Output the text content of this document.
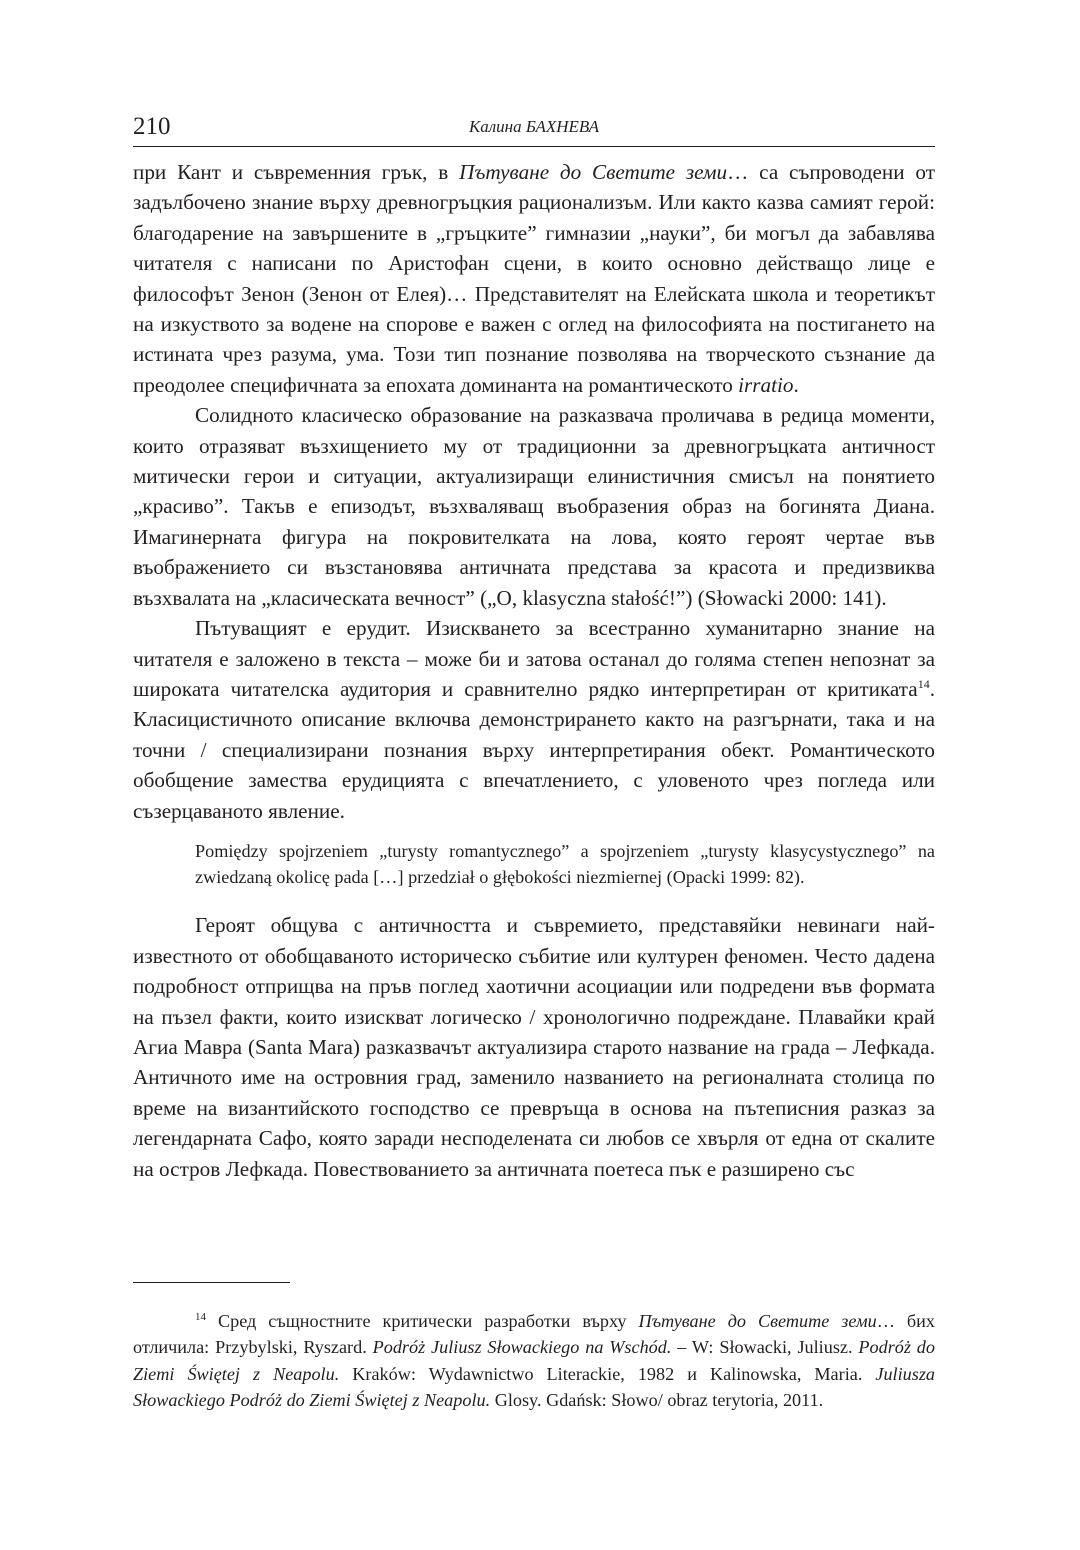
210	Калина БАХНЕВА

при Кант и съвременния грък, в Пътуване до Светите земи… са съпроводени от задълбочено знание върху древногръцкия рационализъм. Или както казва самият герой: благодарение на завършените в „гръцките” гимназии „науки”, би могъл да забавлява читателя с написани по Аристофан сцени, в които основно действащо лице е философът Зенон (Зенон от Елея)… Представителят на Елейската школа и теоретикът на изкуството за водене на спорове е важен с оглед на философията на постигането на истината чрез разума, ума. Този тип познание позволява на творческото съзнание да преодолее специфичната за епохата доминанта на романтическото irratio.

Солидното класическо образование на разказвача проличава в редица моменти, които отразяват възхищението му от традиционни за древногръцката античност митически герои и ситуации, актуализиращи елинистичния смисъл на понятието „красиво”. Такъв е епизодът, възхваляващ въобразения образ на богинята Диана. Имагинерната фигура на покровителката на лова, която героят чертае във въображението си възстановява античната представа за красота и предизвиква възхвалата на „класическата вечност” („O, klasyczna stałość!”) (Słowacki 2000: 141).

Пътуващият е ерудит. Изискването за всестранно хуманитарно знание на читателя е заложено в текста – може би и затова останал до голяма степен непознат за широката читателска аудитория и сравнително рядко интерпретиран от критиката$^{14}$. Класицистичното описание включва демонстрирането както на разгърнати, така и на точни / специализирани познания върху интерпретирания обект. Романтическото обобщение замества ерудицията с впечатлението, с уловеното чрез погледа или съзерцаваното явление.

Pomiędzy spojrzeniem „turysty romantycznego” a spojrzeniem „turysty klasycystycznego” na zwiedzaną okolicę pada […] przedział o głębokości niezmiernej (Opacki 1999: 82).

Героят общува с античността и съвремието, представяйки невинаги най-известното от обобщаваното историческо събитие или културен феномен. Често дадена подробност отприщва на пръв поглед хаотични асоциации или подредени във формата на пъзел факти, които изискват логическо / хронологично подреждане. Плавайки край Агиа Мавра (Santa Mara) разказвачът актуализира старото название на града – Лефкада. Античното име на островния град, заменило названието на регионалната столица по време на византийското господство се превръща в основа на пътеписния разказ за легендарната Сафо, която заради несподелената си любов се хвърля от една от скалите на остров Лефкада. Повествованието за античната поетеса пък е разширено със

$^{14}$ Сред същностните критически разработки върху Пътуване до Светите земи… бих отличила: Przybylski, Ryszard. Podróż Juliusz Słowackiego na Wschód. – W: Słowacki, Juliusz. Podróż do Ziemi Świętej z Neapolu. Kraków: Wydawnictwo Literackie, 1982 и Kalinowska, Maria. Juliusza Słowackiego Podróż do Ziemi Świętej z Neapolu. Glosy. Gdańsk: Słowo/ obraz terytoria, 2011.
